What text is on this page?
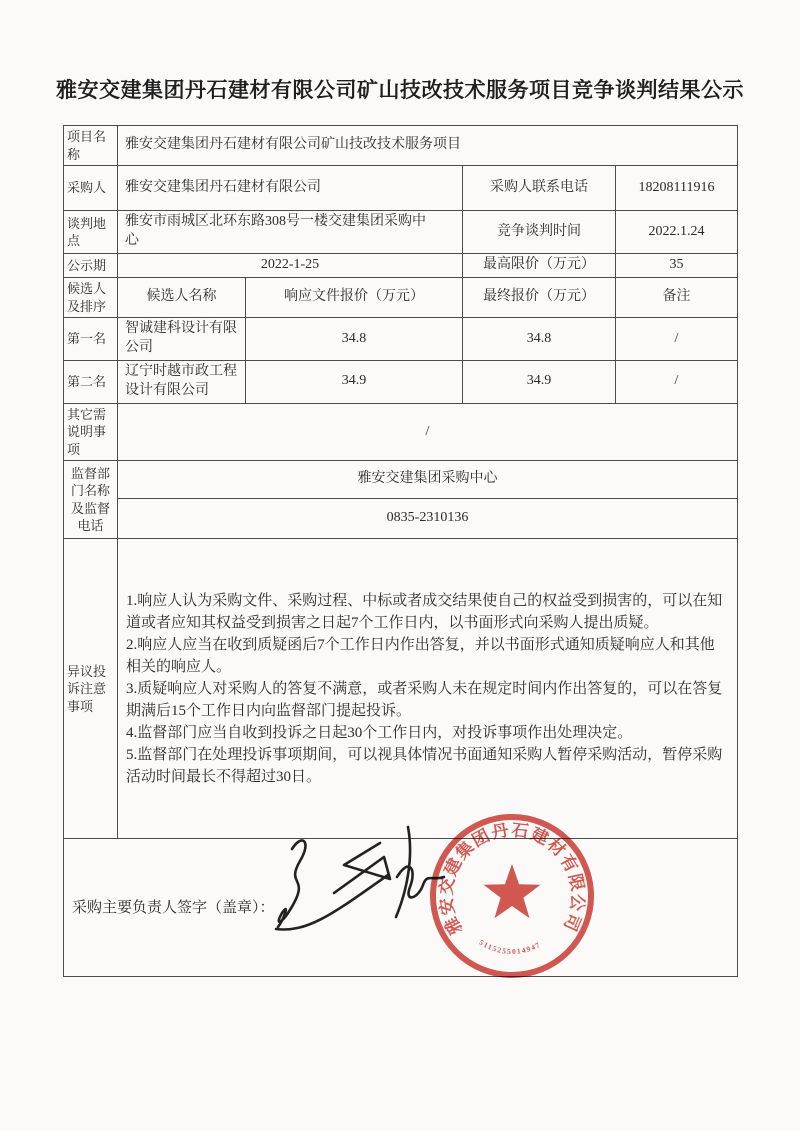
雅安交建集团丹石建材有限公司矿山技改技术服务项目竞争谈判结果公示
项目名称	雅安交建集团丹石建材有限公司矿山技改技术服务项目			
采购人	雅安交建集团丹石建材有限公司		采购人联系电话	18208111916
谈判地点	雅安市雨城区北环东路308号一楼交建集团采购中心		竞争谈判时间	2022.1.24
公示期	2022-1-25		最高限价（万元）	35
候选人及排序	候选人名称	响应文件报价（万元）	最终报价（万元）	备注
第一名	智诚建科设计有限公司	34.8	34.8	/
第二名	辽宁时越市政工程设计有限公司	34.9	34.9	/
其它需说明事项	/			
监督部门名称及监督电话	雅安交建集团采购中心			
	0835-2310136			
异议投诉注意事项	1.响应人认为采购文件、采购过程、中标或者成交结果使自己的权益受到损害的，可以在知道或者应知其权益受到损害之日起7个工作日内，以书面形式向采购人提出质疑。
2.响应人应当在收到质疑函后7个工作日内作出答复，并以书面形式通知质疑响应人和其他相关的响应人。
3.质疑响应人对采购人的答复不满意，或者采购人未在规定时间内作出答复的，可以在答复期满后15个工作日内向监督部门提起投诉。
4.监督部门应当自收到投诉之日起30个工作日内，对投诉事项作出处理决定。
5.监督部门在处理投诉事项期间，可以视具体情况书面通知采购人暂停采购活动，暂停采购活动时间最长不得超过30日。			

采购主要负责人签字（盖章）：				
雅安交建集团丹石建材有限公司
5115255014947
